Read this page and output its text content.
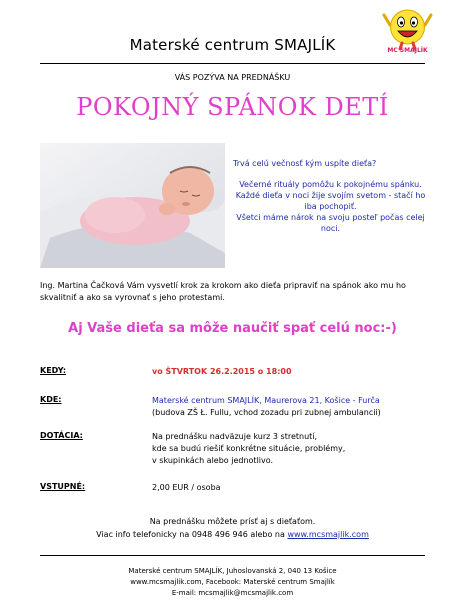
Materské centrum SMAJLÍK	MC SMAJLÍK
VÁS POZÝVA NA PREDNÁŠKU
POKOJNÝ SPÁNOK DETÍ
Trvá celú večnosť kým uspíte dieťa?
Večerné rituály pomôžu k pokojnému spánku.
Každé dieťa v noci žije svojím svetom - stačí ho iba pochopiť.
Všetci máme nárok na svoju posteľ počas celej noci.
Ing. Martina Čačková Vám vysvetlí krok za krokom ako dieťa pripraviť na spánok ako mu ho skvalitniť a ako sa vyrovnať s jeho protestami.
Aj Vaše dieťa sa môže naučiť spať celú noc:-)
KEDY:	vo ŠTVRTOK 26.2.2015 o 18:00
KDE:	Materské centrum SMAJLÍK, Maurerova 21, Košice - Furča
(budova ZŠ Ł. Fullu, vchod zozadu pri zubnej ambulancii)
DOTÁCIA:	Na prednášku nadväzuje kurz 3 stretnutí,
kde sa budú riešiť konkrétne situácie, problémy,
v skupinkách alebo jednotlivo.
VSTUPNÉ:	2,00 EUR / osoba
Na prednášku môžete prísť aj s dieťaťom.
Viac info telefonicky na 0948 496 946 alebo na www.mcsmajlik.com
Materské centrum SMAJLÍK, Juhoslovanská 2, 040 13 Košice
www.mcsmajlik.com, Facebook: Materské centrum Smajlík
E-mail: mcsmajlik@mcsmajlik.com
